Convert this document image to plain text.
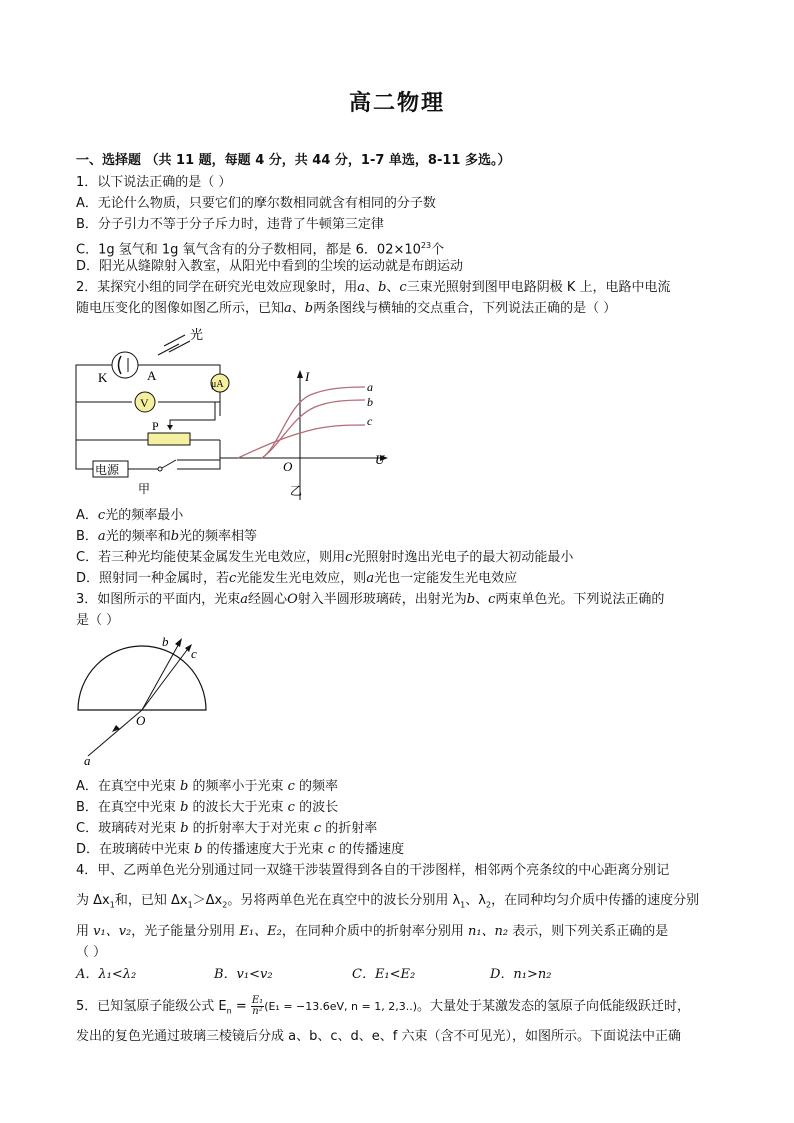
高二物理
一、选择题 （共 11 题，每题 4 分，共 44 分，1-7 单选，8-11 多选。）
1．以下说法正确的是（ ）
A．无论什么物质，只要它们的摩尔数相同就含有相同的分子数
B．分子引力不等于分子斥力时，违背了牛顿第三定律
C．1g 氢气和 1g 氧气含有的分子数相同，都是 6．$02\times 10^{23}$个
D．阳光从缝隙射入教室，从阳光中看到的尘埃的运动就是布朗运动
2．某探究小组的同学在研究光电效应现象时，用a、b、c三束光照射到图甲电路阴极 K 上，电路中电流
随电压变化的图像如图乙所示，已知a、b两条图线与横轴的交点重合，下列说法正确的是（ ）
光
K	A
μA
V
P
电源
甲
I
U
O
a
b
c
乙
A．c光的频率最小
B．a光的频率和b光的频率相等
C．若三种光均能使某金属发生光电效应，则用c光照射时逸出光电子的最大初动能最小
D．照射同一种金属时，若c光能发生光电效应，则a光也一定能发生光电效应
3．如图所示的平面内，光束a经圆心O射入半圆形玻璃砖，出射光为b、c两束单色光。下列说法正确的
是（ ）
a
b
c
O
A．在真空中光束 b 的频率小于光束 c 的频率
B．在真空中光束 b 的波长大于光束 c 的波长
C．玻璃砖对光束 b 的折射率大于对光束 c 的折射率
D．在玻璃砖中光束 b 的传播速度大于光束 c 的传播速度
4．甲、乙两单色光分别通过同一双缝干涉装置得到各自的干涉图样，相邻两个亮条纹的中心距离分别记
为 $\Delta x_1$和，已知 $\Delta x_1>\Delta x_2$。另将两单色光在真空中的波长分别用 $\lambda_1$、$\lambda_2$，在同种均匀介质中传播的速度分别
用 v₁、v₂，光子能量分别用 E₁、E₂，在同种介质中的折射率分别用 n₁、n₂ 表示，则下列关系正确的是
（ ）
A．λ₁<λ₂	B．v₁<v₂	C．E₁<E₂	D．n₁>n₂
5．已知氢原子能级公式 $E_n = \frac{\text{E₁}}{\text{n²}} (E_1 = -13.6eV$, n = 1, 2,3..)。大量处于某激发态的氢原子向低能级跃迁时，
发出的复色光通过玻璃三棱镜后分成 a、b、c、d、e、f 六束（含不可见光），如图所示。下面说法中正确
